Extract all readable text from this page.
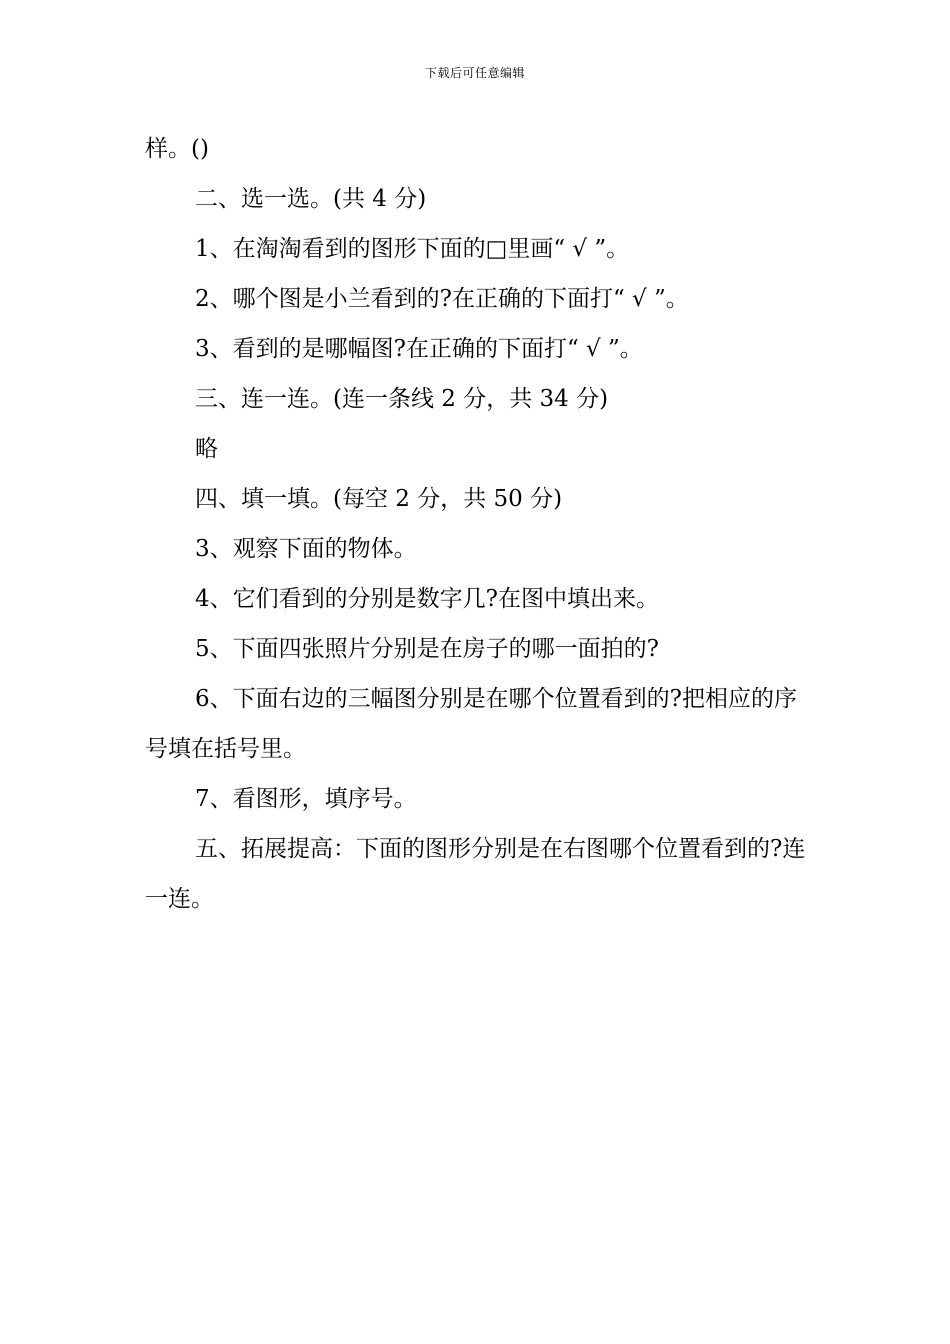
下载后可任意编辑

样。()

二、选一选。(共 4 分)

1、在淘淘看到的图形下面的□里画“ √ ”。

2、哪个图是小兰看到的?在正确的下面打“ √ ”。

3、看到的是哪幅图?在正确的下面打“ √ ”。

三、连一连。(连一条线 2 分，共 34 分)

略

四、填一填。(每空 2 分，共 50 分)

3、观察下面的物体。

4、它们看到的分别是数字几?在图中填出来。

5、下面四张照片分别是在房子的哪一面拍的?

6、下面右边的三幅图分别是在哪个位置看到的?把相应的序号填在括号里。

7、看图形，填序号。

五、拓展提高：下面的图形分别是在右图哪个位置看到的?连一连。
